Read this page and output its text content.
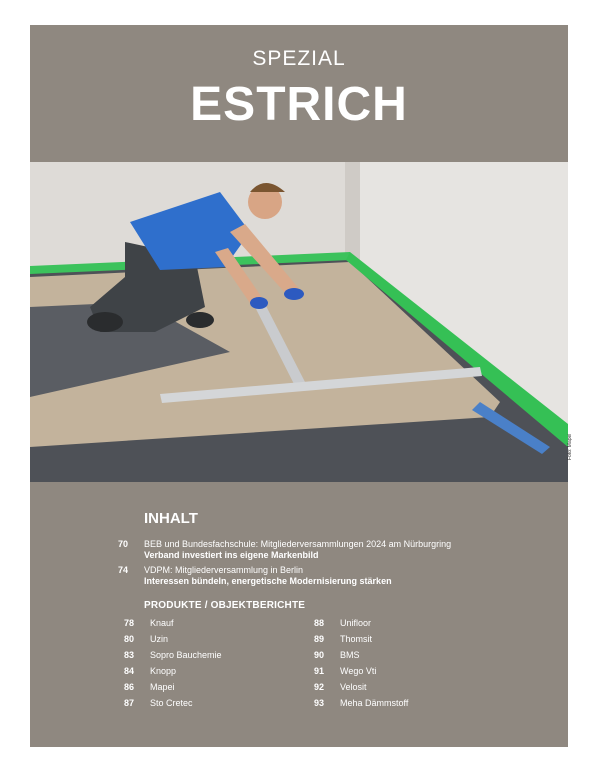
SPEZIAL
ESTRICH
INHALT
70	BEB und Bundesfachschule: Mitgliederversammlungen 2024 am Nürburgring
Verband investiert ins eigene Markenbild
74	VDPM: Mitgliederversammlung in Berlin
Interessen bündeln, energetische Modernisierung stärken
PRODUKTE / OBJEKTBERICHTE
78 Knauf
80 Uzin
83 Sopro Bauchemie
84 Knopp
86 Mapei
87 Sto Cretec
88 Unifloor
89 Thomsit
90 BMS
91 Wego Vti
92 Velosit
93 Meha Dämmstoff
Foto: Mapei
